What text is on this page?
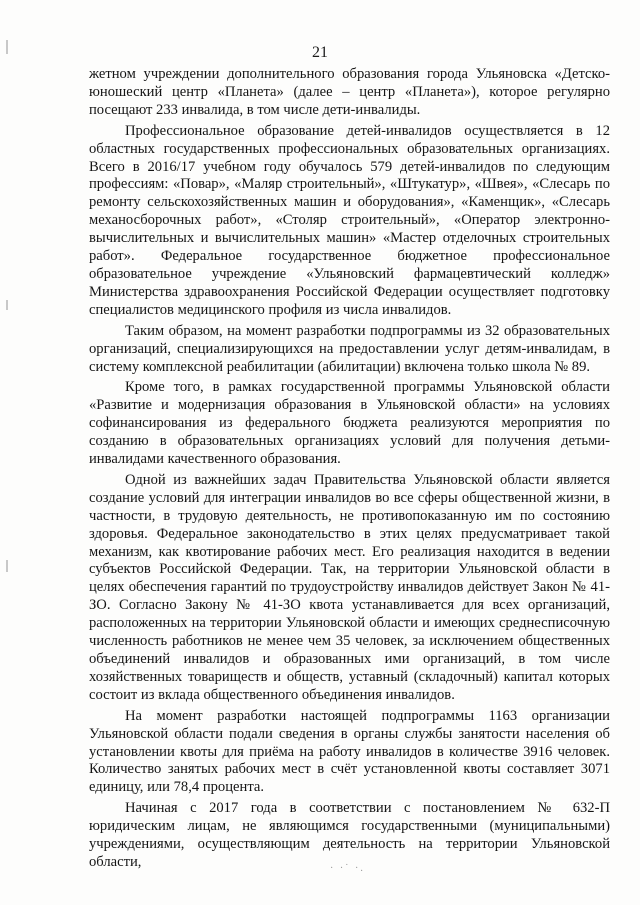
21

жетном учреждении дополнительного образования города Ульяновска «Детско-юношеский центр «Планета» (далее – центр «Планета»), которое регулярно посещают 233 инвалида, в том числе дети-инвалиды.

Профессиональное образование детей-инвалидов осуществляется в 12 областных государственных профессиональных образовательных организациях. Всего в 2016/17 учебном году обучалось 579 детей-инвалидов по следующим профессиям: «Повар», «Маляр строительный», «Штукатур», «Швея», «Слесарь по ремонту сельскохозяйственных машин и оборудования», «Каменщик», «Слесарь механосборочных работ», «Столяр строительный», «Оператор электронно-вычислительных и вычислительных машин» «Мастер отделочных строительных работ». Федеральное государственное бюджетное профессиональное образовательное учреждение «Ульяновский фармацевтический колледж» Министерства здравоохранения Российской Федерации осуществляет подготовку специалистов медицинского профиля из числа инвалидов.

Таким образом, на момент разработки подпрограммы из 32 образовательных организаций, специализирующихся на предоставлении услуг детям-инвалидам, в систему комплексной реабилитации (абилитации) включена только школа № 89.

Кроме того, в рамках государственной программы Ульяновской области «Развитие и модернизация образования в Ульяновской области» на условиях софинансирования из федерального бюджета реализуются мероприятия по созданию в образовательных организациях условий для получения детьми-инвалидами качественного образования.

Одной из важнейших задач Правительства Ульяновской области является создание условий для интеграции инвалидов во все сферы общественной жизни, в частности, в трудовую деятельность, не противопоказанную им по состоянию здоровья. Федеральное законодательство в этих целях предусматривает такой механизм, как квотирование рабочих мест. Его реализация находится в ведении субъектов Российской Федерации. Так, на территории Ульяновской области в целях обеспечения гарантий по трудоустройству инвалидов действует Закон № 41-ЗО. Согласно Закону № 41-ЗО квота устанавливается для всех организаций, расположенных на территории Ульяновской области и имеющих среднесписочную численность работников не менее чем 35 человек, за исключением общественных объединений инвалидов и образованных ими организаций, в том числе хозяйственных товариществ и обществ, уставный (складочный) капитал которых состоит из вклада общественного объединения инвалидов.

На момент разработки настоящей подпрограммы 1163 организации Ульяновской области подали сведения в органы службы занятости населения об установлении квоты для приёма на работу инвалидов в количестве 3916 человек. Количество занятых рабочих мест в счёт установленной квоты составляет 3071 единицу, или 78,4 процента.

Начиная с 2017 года в соответствии с постановлением № 632-П юридическим лицам, не являющимся государственными (муниципальными) учреждениями, осуществляющим деятельность на территории Ульяновской области,	· ·˙ ·.
